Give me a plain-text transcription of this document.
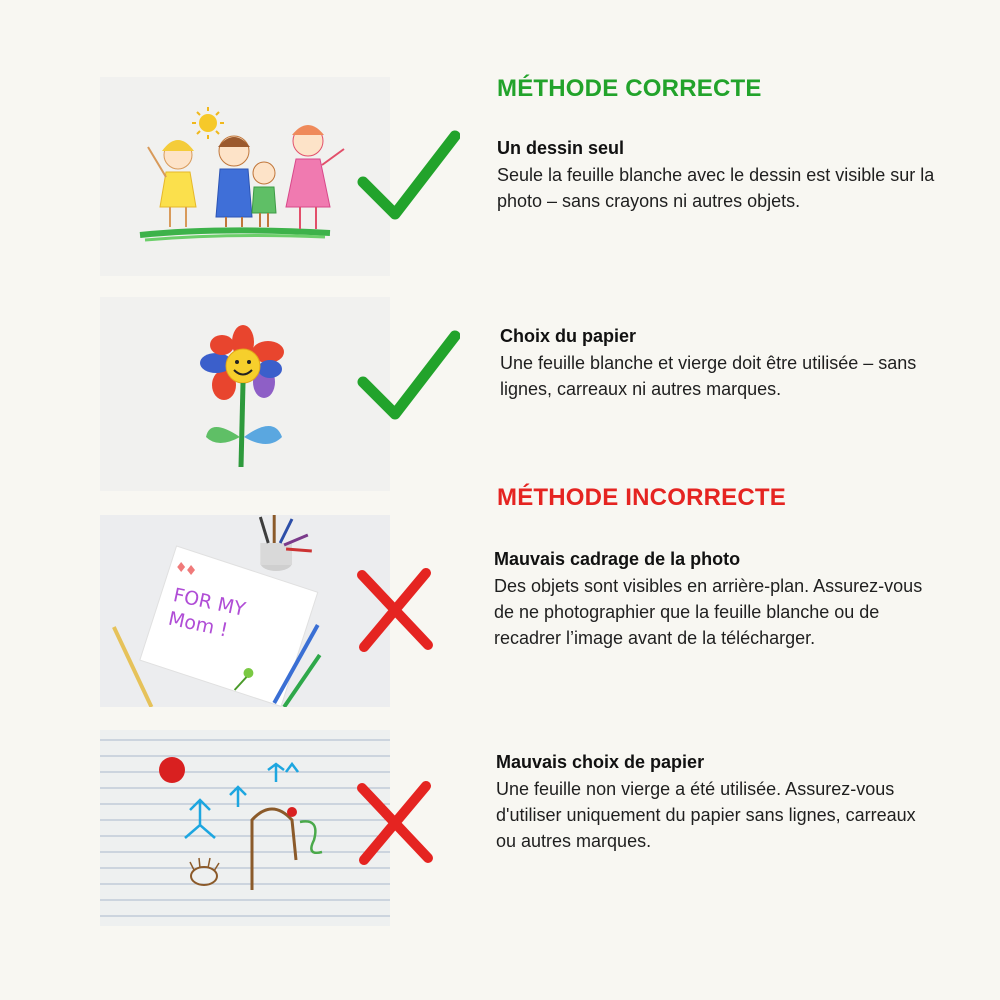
FOR MY Mom !
MÉTHODE CORRECTE
MÉTHODE INCORRECTE
Un dessin seul

Seule la feuille blanche avec le dessin est visible sur la photo – sans crayons ni autres objets.

Choix du papier

Une feuille blanche et vierge doit être utilisée – sans lignes, carreaux ni autres marques.

Mauvais cadrage de la photo

Des objets sont visibles en arrière-plan. Assurez-vous de ne photographier que la feuille blanche ou de recadrer l’image avant de la télécharger.

Mauvais choix de papier

Une feuille non vierge a été utilisée. Assurez-vous d'utiliser uniquement du papier sans lignes, carreaux ou autres marques.
